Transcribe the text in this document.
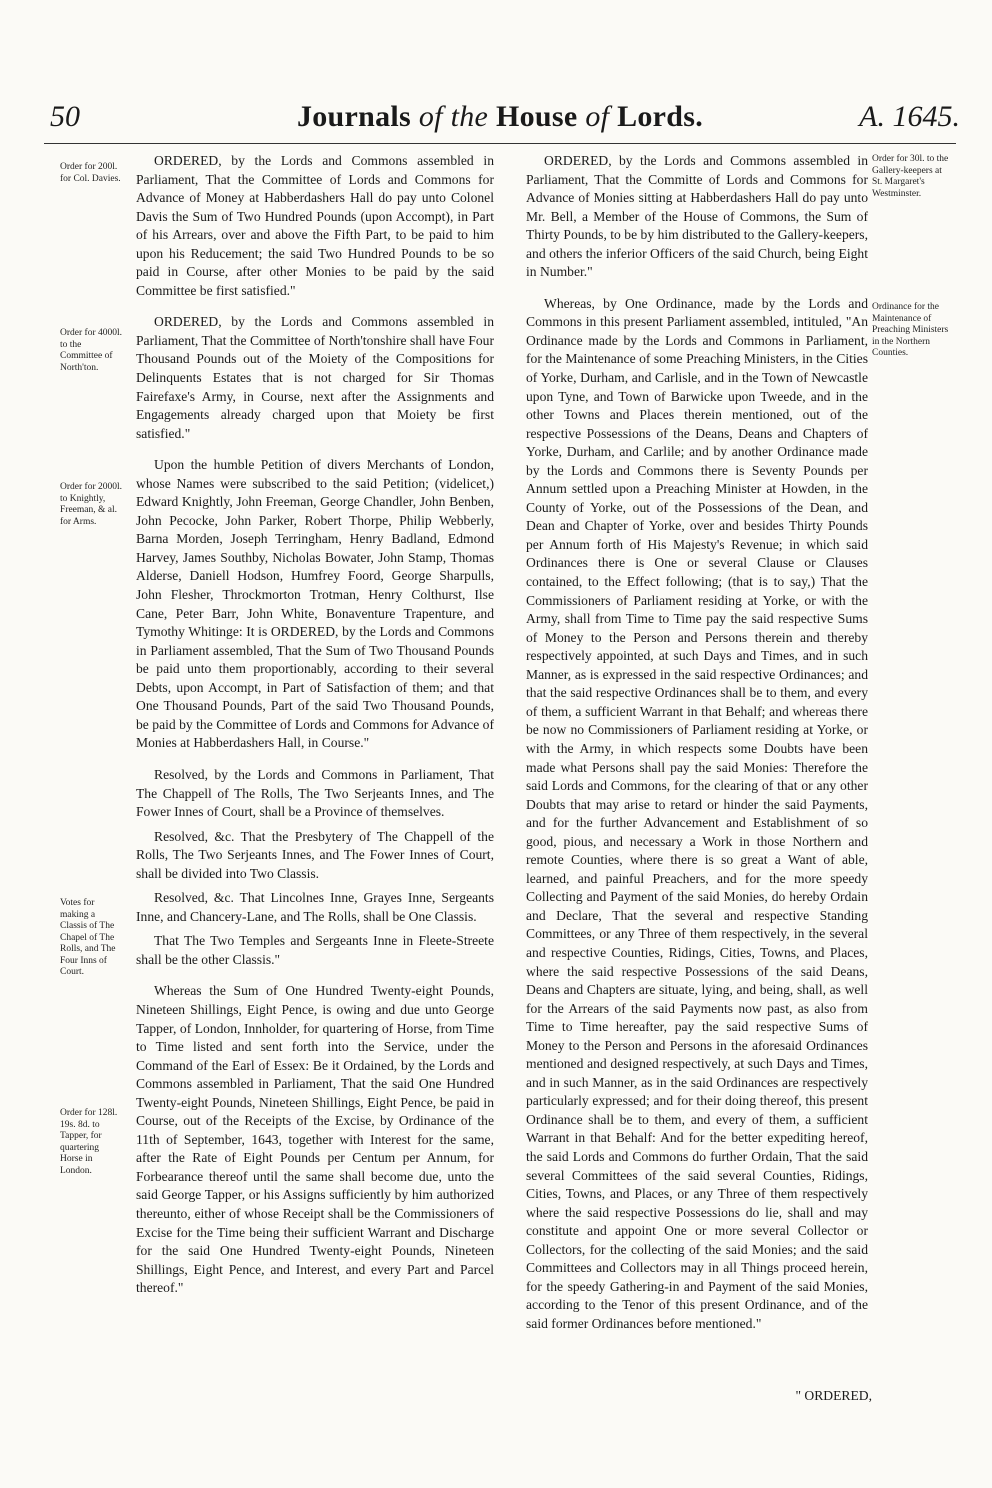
50	Journals of the House of Lords.	A. 1645.
Order for 200l. for Col. Davies.
Order for 4000l. to the Committee of North'ton.
Order for 2000l. to Knightly, Freeman, & al. for Arms.
Votes for making a Classis of The Chapel of The Rolls, and The Four Inns of Court.
Order for 128l. 19s. 8d. to Tapper, for quartering Horse in London.
Order for 30l. to the Gallery-keepers at St. Margaret's Westminster.
Ordinance for the Maintenance of Preaching Ministers in the Northern Counties.

ORDERED, by the Lords and Commons assembled in Parliament, That the Committee of Lords and Commons for Advance of Money at Habberdashers Hall do pay unto Colonel Davis the Sum of Two Hundred Pounds (upon Accompt), in Part of his Arrears, over and above the Fifth Part, to be paid to him upon his Reducement; the said Two Hundred Pounds to be so paid in Course, after other Monies to be paid by the said Committee be first satisfied."

ORDERED, by the Lords and Commons assembled in Parliament, That the Committee of North'tonshire shall have Four Thousand Pounds out of the Moiety of the Compositions for Delinquents Estates that is not charged for Sir Thomas Fairefaxe's Army, in Course, next after the Assignments and Engagements already charged upon that Moiety be first satisfied."

Upon the humble Petition of divers Merchants of London, whose Names were subscribed to the said Petition; (videlicet,) Edward Knightly, John Freeman, George Chandler, John Benben, John Pecocke, John Parker, Robert Thorpe, Philip Webberly, Barna Morden, Joseph Terringham, Henry Badland, Edmond Harvey, James Southby, Nicholas Bowater, John Stamp, Thomas Alderse, Daniell Hodson, Humfrey Foord, George Sharpulls, John Flesher, Throckmorton Trotman, Henry Colthurst, Ilse Cane, Peter Barr, John White, Bonaventure Trapenture, and Tymothy Whitinge: It is ORDERED, by the Lords and Commons in Parliament assembled, That the Sum of Two Thousand Pounds be paid unto them proportionably, according to their several Debts, upon Accompt, in Part of Satisfaction of them; and that One Thousand Pounds, Part of the said Two Thousand Pounds, be paid by the Committee of Lords and Commons for Advance of Monies at Habberdashers Hall, in Course."

Resolved, by the Lords and Commons in Parliament, That The Chappell of The Rolls, The Two Serjeants Innes, and The Fower Innes of Court, shall be a Province of themselves.

Resolved, &c. That the Presbytery of The Chappell of the Rolls, The Two Serjeants Innes, and The Fower Innes of Court, shall be divided into Two Classis.

Resolved, &c. That Lincolnes Inne, Grayes Inne, Sergeants Inne, and Chancery-Lane, and The Rolls, shall be One Classis.

That The Two Temples and Sergeants Inne in Fleete-Streete shall be the other Classis."

Whereas the Sum of One Hundred Twenty-eight Pounds, Nineteen Shillings, Eight Pence, is owing and due unto George Tapper, of London, Innholder, for quartering of Horse, from Time to Time listed and sent forth into the Service, under the Command of the Earl of Essex: Be it Ordained, by the Lords and Commons assembled in Parliament, That the said One Hundred Twenty-eight Pounds, Nineteen Shillings, Eight Pence, be paid in Course, out of the Receipts of the Excise, by Ordinance of the 11th of September, 1643, together with Interest for the same, after the Rate of Eight Pounds per Centum per Annum, for Forbearance thereof until the same shall become due, unto the said George Tapper, or his Assigns sufficiently by him authorized thereunto, either of whose Receipt shall be the Commissioners of Excise for the Time being their sufficient Warrant and Discharge for the said One Hundred Twenty-eight Pounds, Nineteen Shillings, Eight Pence, and Interest, and every Part and Parcel thereof."

ORDERED, by the Lords and Commons assembled in Parliament, That the Committe of Lords and Commons for Advance of Monies sitting at Habberdashers Hall do pay unto Mr. Bell, a Member of the House of Commons, the Sum of Thirty Pounds, to be by him distributed to the Gallery-keepers, and others the inferior Officers of the said Church, being Eight in Number."

Whereas, by One Ordinance, made by the Lords and Commons in this present Parliament assembled, intituled, "An Ordinance made by the Lords and Commons in Parliament, for the Maintenance of some Preaching Ministers, in the Cities of Yorke, Durham, and Carlisle, and in the Town of Newcastle upon Tyne, and Town of Barwicke upon Tweede, and in the other Towns and Places therein mentioned, out of the respective Possessions of the Deans, Deans and Chapters of Yorke, Durham, and Carlile; and by another Ordinance made by the Lords and Commons there is Seventy Pounds per Annum settled upon a Preaching Minister at Howden, in the County of Yorke, out of the Possessions of the Dean, and Dean and Chapter of Yorke, over and besides Thirty Pounds per Annum forth of His Majesty's Revenue; in which said Ordinances there is One or several Clause or Clauses contained, to the Effect following; (that is to say,) That the Commissioners of Parliament residing at Yorke, or with the Army, shall from Time to Time pay the said respective Sums of Money to the Person and Persons therein and thereby respectively appointed, at such Days and Times, and in such Manner, as is expressed in the said respective Ordinances; and that the said respective Ordinances shall be to them, and every of them, a sufficient Warrant in that Behalf; and whereas there be now no Commissioners of Parliament residing at Yorke, or with the Army, in which respects some Doubts have been made what Persons shall pay the said Monies: Therefore the said Lords and Commons, for the clearing of that or any other Doubts that may arise to retard or hinder the said Payments, and for the further Advancement and Establishment of so good, pious, and necessary a Work in those Northern and remote Counties, where there is so great a Want of able, learned, and painful Preachers, and for the more speedy Collecting and Payment of the said Monies, do hereby Ordain and Declare, That the several and respective Standing Committees, or any Three of them respectively, in the several and respective Counties, Ridings, Cities, Towns, and Places, where the said respective Possessions of the said Deans, Deans and Chapters are situate, lying, and being, shall, as well for the Arrears of the said Payments now past, as also from Time to Time hereafter, pay the said respective Sums of Money to the Person and Persons in the aforesaid Ordinances mentioned and designed respectively, at such Days and Times, and in such Manner, as in the said Ordinances are respectively particularly expressed; and for their doing thereof, this present Ordinance shall be to them, and every of them, a sufficient Warrant in that Behalf: And for the better expediting hereof, the said Lords and Commons do further Ordain, That the said several Committees of the said several Counties, Ridings, Cities, Towns, and Places, or any Three of them respectively where the said respective Possessions do lie, shall and may constitute and appoint One or more several Collector or Collectors, for the collecting of the said Monies; and the said Committees and Collectors may in all Things proceed herein, for the speedy Gathering-in and Payment of the said Monies, according to the Tenor of this present Ordinance, and of the said former Ordinances before mentioned."

" ORDERED,
